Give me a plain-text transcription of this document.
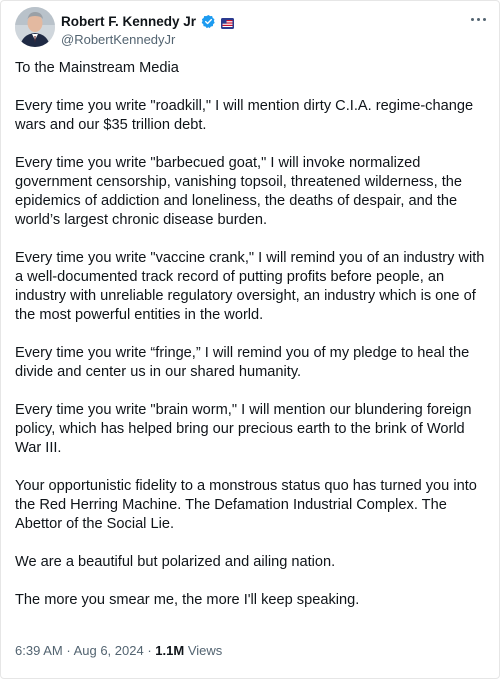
Robert F. Kennedy Jr
@RobertKennedyJr

To the Mainstream Media

Every time you write "roadkill," I will mention dirty C.I.A. regime-change wars and our $35 trillion debt.

Every time you write "barbecued goat," I will invoke normalized government censorship, vanishing topsoil, threatened wilderness, the epidemics of addiction and loneliness, the deaths of despair, and the world’s largest chronic disease burden.

Every time you write "vaccine crank," I will remind you of an industry with a well-documented track record of putting profits before people, an industry with unreliable regulatory oversight, an industry which is one of the most powerful entities in the world.

Every time you write “fringe,” I will remind you of my pledge to heal the divide and center us in our shared humanity.

Every time you write "brain worm," I will mention our blundering foreign policy, which has helped bring our precious earth to the brink of World War III.

Your opportunistic fidelity to a monstrous status quo has turned you into the Red Herring Machine. The Defamation Industrial Complex. The Abettor of the Social Lie.

We are a beautiful but polarized and ailing nation.

The more you smear me, the more I'll keep speaking.

6:39 AM · Aug 6, 2024 · 1.1M Views
